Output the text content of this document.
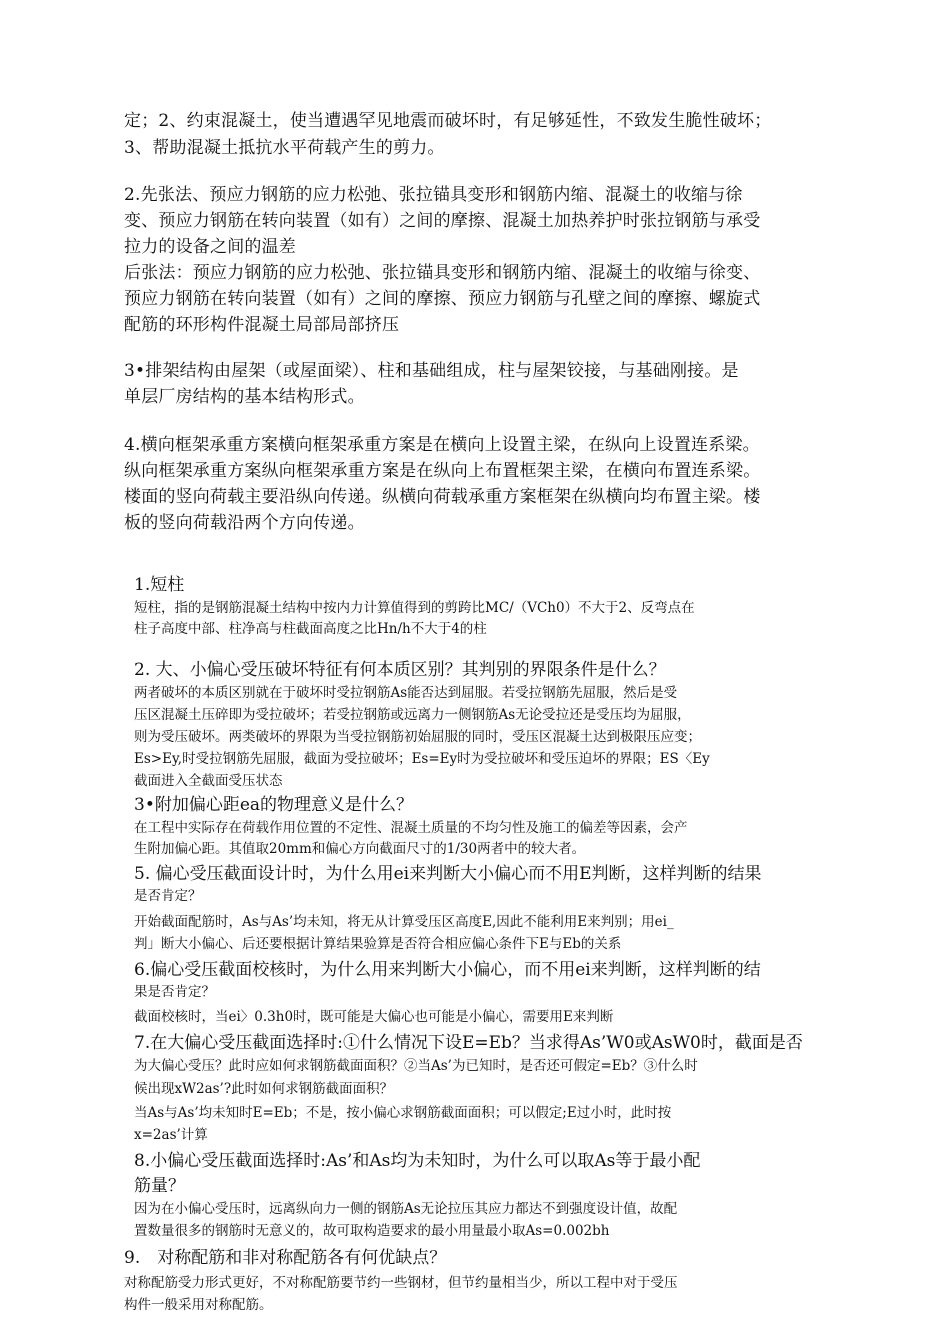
定；2、约束混凝土，使当遭遇罕见地震而破坏时，有足够延性，不致发生脆性破坏；
3、帮助混凝土抵抗水平荷载产生的剪力。
2.先张法、预应力钢筋的应力松弛、张拉锚具变形和钢筋内缩、混凝土的收缩与徐
变、预应力钢筋在转向装置（如有）之间的摩擦、混凝土加热养护时张拉钢筋与承受
拉力的设备之间的温差
后张法：预应力钢筋的应力松弛、张拉锚具变形和钢筋内缩、混凝土的收缩与徐变、
预应力钢筋在转向装置（如有）之间的摩擦、预应力钢筋与孔壁之间的摩擦、螺旋式
配筋的环形构件混凝土局部局部挤压
3•排架结构由屋架（或屋面梁）、柱和基础组成，柱与屋架铰接，与基础刚接。是
单层厂房结构的基本结构形式。
4.横向框架承重方案横向框架承重方案是在横向上设置主梁，在纵向上设置连系梁。
纵向框架承重方案纵向框架承重方案是在纵向上布置框架主梁，在横向布置连系梁。
楼面的竖向荷载主要沿纵向传递。纵横向荷载承重方案框架在纵横向均布置主梁。楼
板的竖向荷载沿两个方向传递。
1.短柱
短柱，指的是钢筋混凝土结构中按内力计算值得到的剪跨比MC/（VCh0）不大于2、反弯点在
柱子高度中部、柱净高与柱截面高度之比Hn/h不大于4的柱
2. 大、小偏心受压破坏特征有何本质区别？其判别的界限条件是什么？
两者破坏的本质区别就在于破坏时受拉钢筋As能否达到屈服。若受拉钢筋先屈服，然后是受
压区混凝土压碎即为受拉破坏；若受拉钢筋或远离力一侧钢筋As无论受拉还是受压均为屈服，
则为受压破坏。两类破坏的界限为当受拉钢筋初始屈服的同时，受压区混凝土达到极限压应变；
Es>Ey,时受拉钢筋先屈服，截面为受拉破坏；Es=Ey时为受拉破坏和受压迫坏的界限；ES〈Ey
截面进入全截面受压状态
3•附加偏心距ea的物理意义是什么？
在工程中实际存在荷载作用位置的不定性、混凝土质量的不均匀性及施工的偏差等因素，会产
生附加偏心距。其值取20mm和偏心方向截面尺寸的1/30两者中的较大者。
5. 偏心受压截面设计时，为什么用ei来判断大小偏心而不用E判断，这样判断的结果
是否肯定？
开始截面配筋时，As与As’均未知，将无从计算受压区高度E,因此不能利用E来判别；用ei_
判」断大小偏心、后还要根据计算结果验算是否符合相应偏心条件下E与Eb的关系
6.偏心受压截面校核时，为什么用来判断大小偏心，而不用ei来判断，这样判断的结
果是否肯定？
截面校核时，当ei〉0.3h0时，既可能是大偏心也可能是小偏心，需要用E来判断
7.在大偏心受压截面选择时:①什么情况下设E=Eb？当求得As’W0或AsW0时，截面是否
为大偏心受压？此时应如何求钢筋截面面积？②当As’为已知时，是否还可假定=Eb？③什么时
候出现xW2as’?此时如何求钢筋截面面积？
当As与As’均未知时E=Eb；不是，按小偏心求钢筋截面面积；可以假定;E过小时，此时按
x=2as’计算
8.小偏心受压截面选择时:As’和As均为未知时，为什么可以取As等于最小配
筋量？
因为在小偏心受压时，远离纵向力一侧的钢筋As无论拉压其应力都达不到强度设计值，故配
置数量很多的钢筋时无意义的，故可取构造要求的最小用量最小取As=0.002bh
9.　对称配筋和非对称配筋各有何优缺点？
对称配筋受力形式更好，不对称配筋要节约一些钢材，但节约量相当少，所以工程中对于受压
构件一般采用对称配筋。
